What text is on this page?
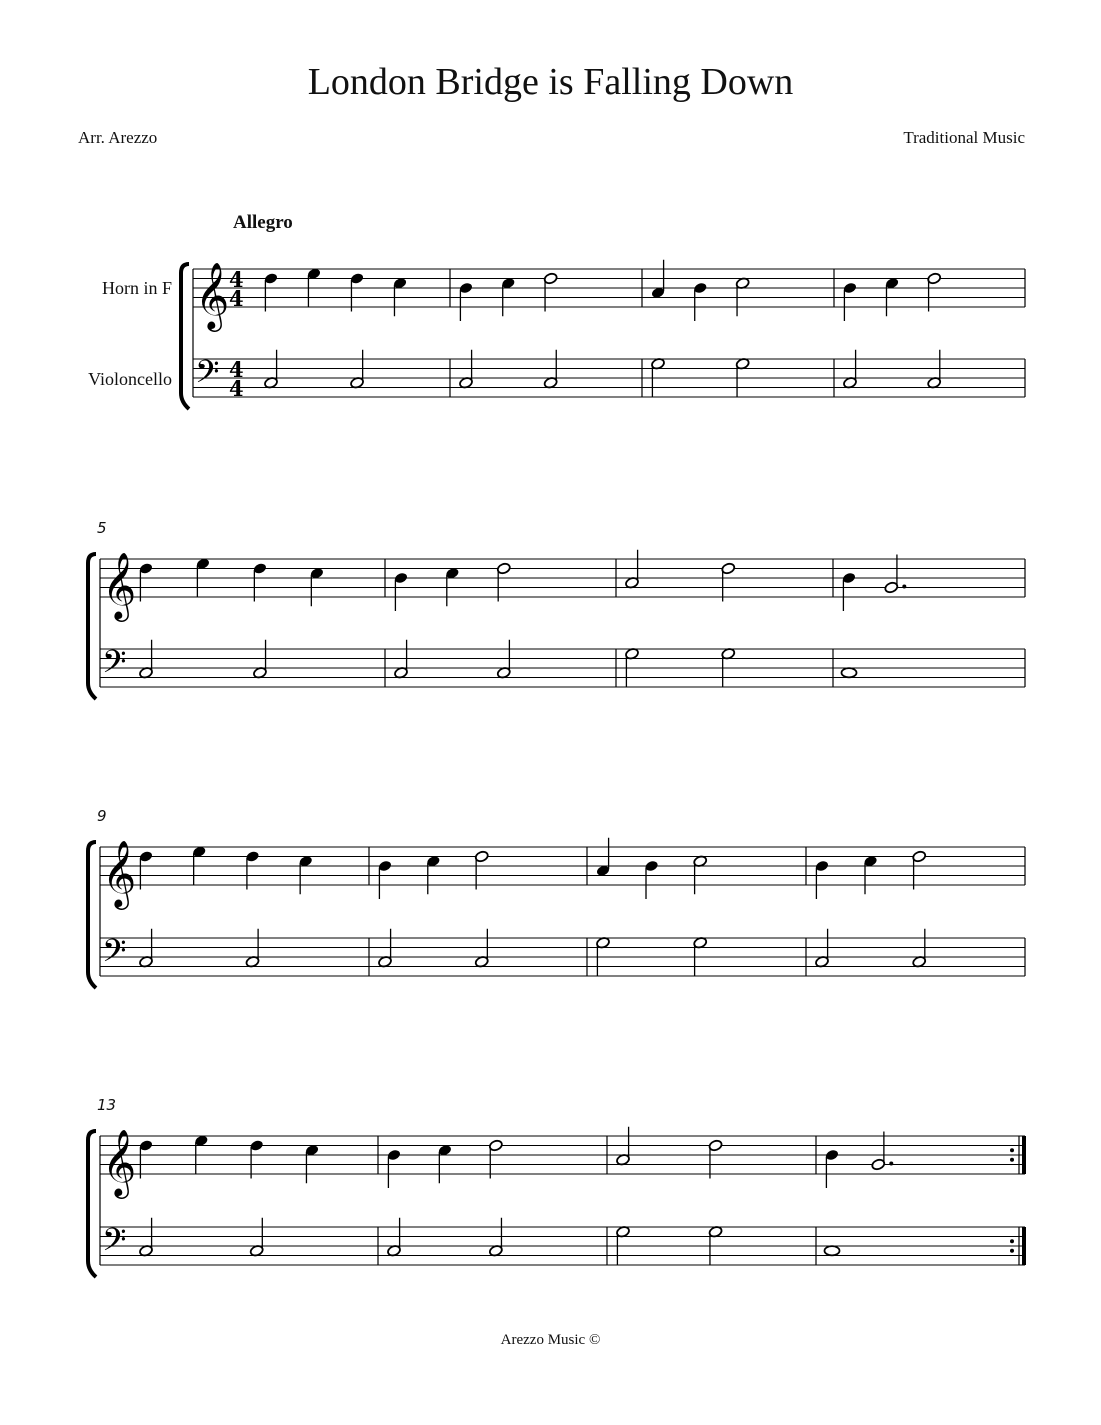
London Bridge is Falling Down
Arr. Arezzo	Traditional Music
Allegro
Horn in F
Violoncello
5
9
13
𝄞
𝄢
4
4
4
4
𝄞
𝄢
𝄞
𝄢
𝄞
𝄢
Arezzo Music ©
